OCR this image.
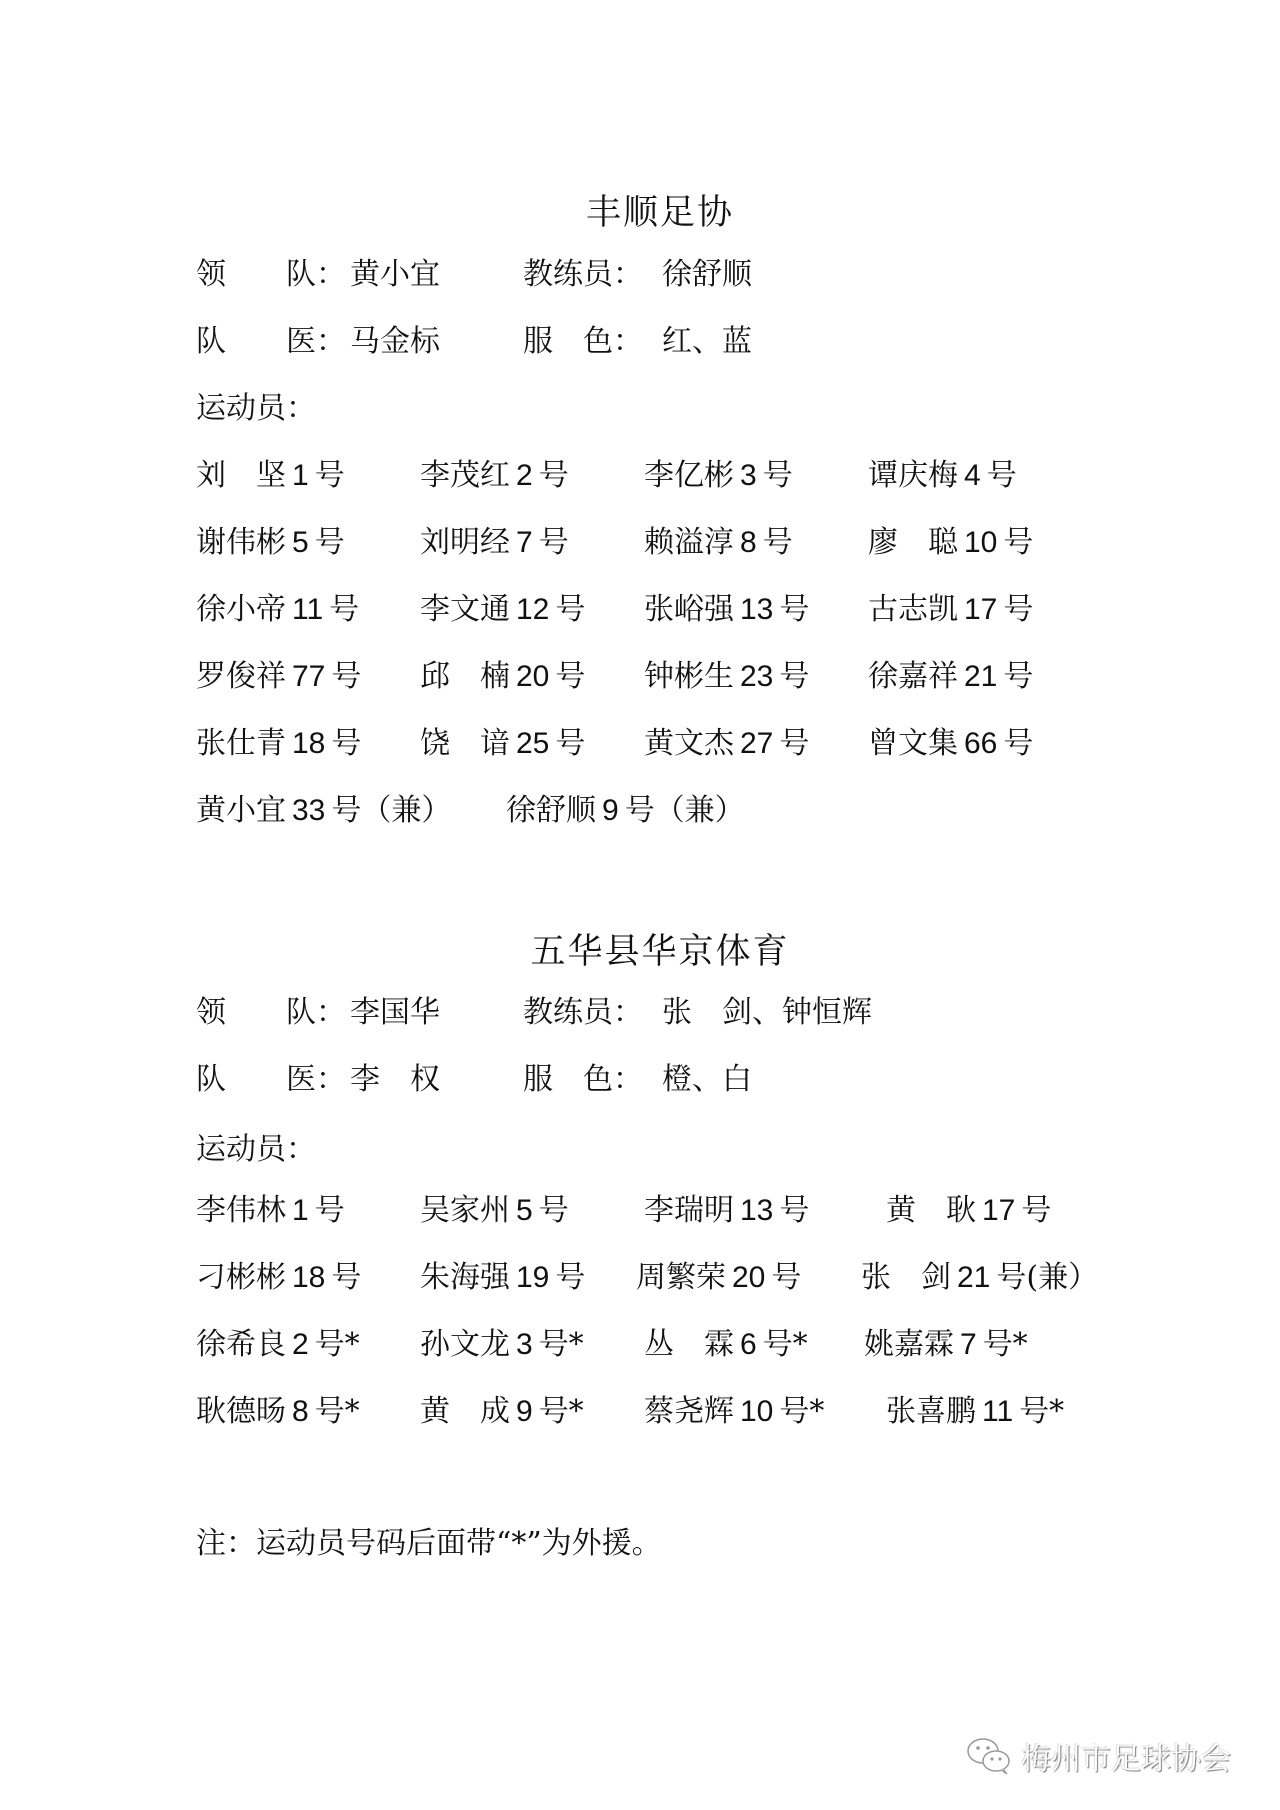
丰顺足协
领　　队： 黄小宜	教练员： 徐舒顺
队　　医： 马金标	服　色： 红、蓝
运动员：
刘　坚 1 号	李茂红 2 号	李亿彬 3 号	谭庆梅 4 号
谢伟彬 5 号	刘明经 7 号	赖溢淳 8 号	廖　聪 10 号
徐小帝 11 号 李文通 12 号 张峪强 13 号 古志凯 17 号
罗俊祥 77 号 邱　楠 20 号 钟彬生 23 号 徐嘉祥 21 号
张仕青 18 号 饶　谙 25 号 黄文杰 27 号 曾文集 66 号
黄小宜 33 号（兼） 徐舒顺 9 号（兼）
五华县华京体育
领　　队： 李国华	教练员： 张　剑、钟恒辉
队　　医： 李　权	服　色： 橙、白
运动员：
李伟林 1 号	吴家州 5 号	李瑞明 13 号	黄　耿 17 号
刁彬彬 18 号 朱海强 19 号 周繁荣 20 号 张　剑 21 号(兼）
徐希良 2 号* 孙文龙 3 号* 丛　霖 6 号* 姚嘉霖 7 号*
耿德旸 8 号* 黄　成 9 号* 蔡尧辉 10 号* 张喜鹏 11 号*
注：运动员号码后面带“*”为外援。
梅州市足球协会
